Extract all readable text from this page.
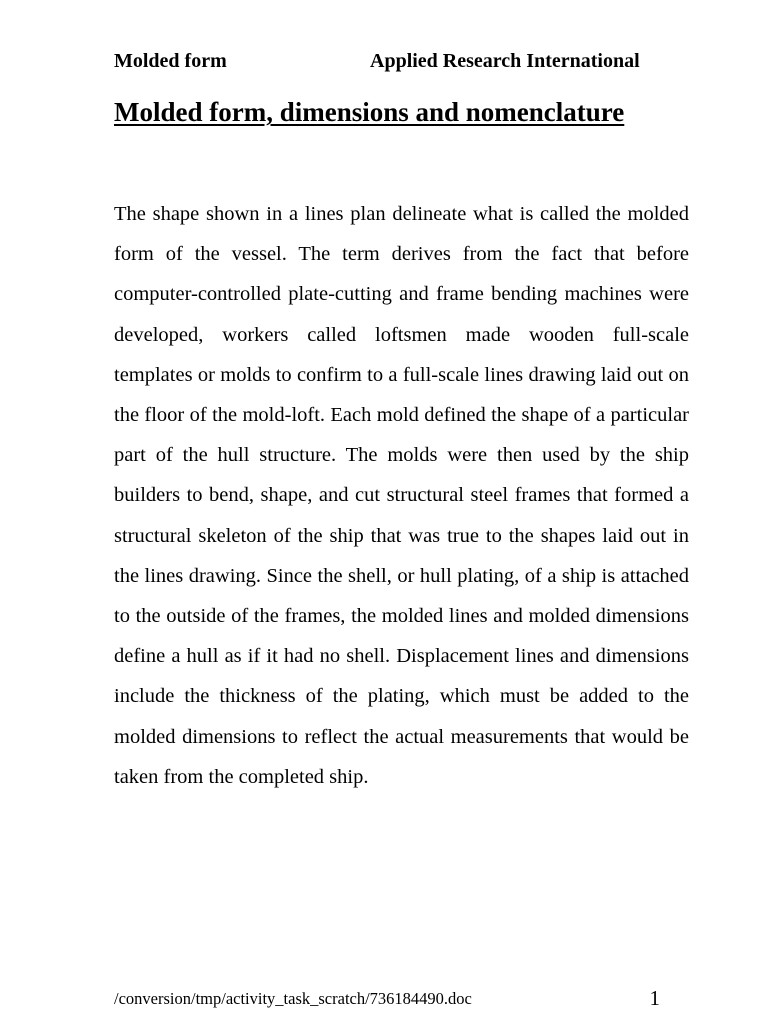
Molded form	Applied Research International
Molded form, dimensions and nomenclature

The shape shown in a lines plan delineate what is called the molded form of the vessel. The term derives from the fact that before computer-controlled plate-cutting and frame bending machines were developed, workers called loftsmen made wooden full-scale templates or molds to confirm to a full-scale lines drawing laid out on the floor of the mold-loft. Each mold defined the shape of a particular part of the hull structure. The molds were then used by the ship builders to bend, shape, and cut structural steel frames that formed a structural skeleton of the ship that was true to the shapes laid out in the lines drawing. Since the shell, or hull plating, of a ship is attached to the outside of the frames, the molded lines and molded dimensions define a hull as if it had no shell. Displacement lines and dimensions include the thickness of the plating, which must be added to the molded dimensions to reflect the actual measurements that would be taken from the completed ship.

/conversion/tmp/activity_task_scratch/736184490.doc	1
